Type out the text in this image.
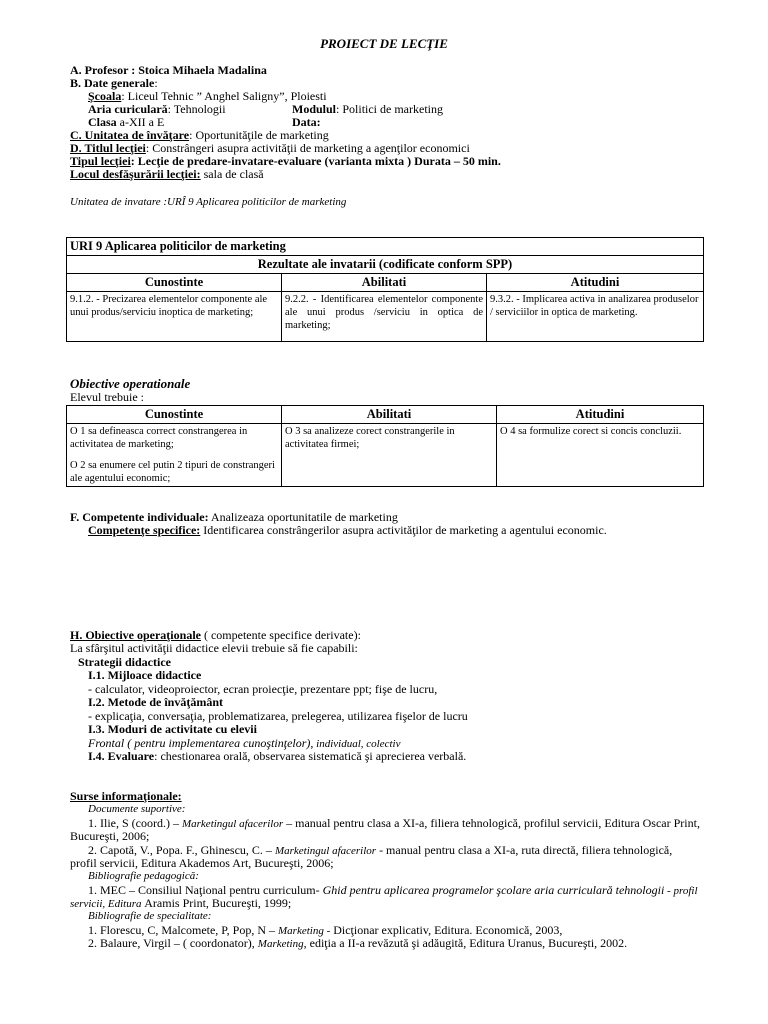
PROIECT DE LECŢIE
A. Profesor : Stoica Mihaela Madalina
B. Date generale:
Şcoala: Liceul Tehnic ” Anghel Saligny”, Ploiesti
Aria curiculară: Tehnologii	Modulul: Politici de marketing
Clasa a-XII a E	Data:
C. Unitatea de învăţare: Oportunităţile de marketing
D. Titlul lecţiei: Constrângeri asupra activităţii de marketing a agenţilor economici
Tipul lecţiei: Lecţie de predare-invatare-evaluare (varianta mixta ) Durata – 50 min.
Locul desfăşurării lecţiei: sala de clasă
Unitatea de invatare :URÎ 9 Aplicarea politicilor de marketing
URI 9 Aplicarea politicilor de marketing		
Rezultate ale invatarii (codificate conform SPP)		
Cunostinte	Abilitati	Atitudini
9.1.2. - Precizarea elementelor componente ale unui produs/serviciu inoptica de marketing;	9.2.2. - Identificarea elementelor componente ale unui produs /serviciu in optica de marketing;	9.3.2. - Implicarea activa in analizarea produselor / serviciilor in optica de marketing.
Obiective operationale
Elevul trebuie :
Cunostinte	Abilitati	Atitudini

O 1 sa defineasca correct constrangerea in activitatea de marketing;
O 2 sa enumere cel putin 2 tipuri de constrangeri ale agentului economic;	O 3 sa analizeze corect constrangerile in activitatea firmei;	O 4 sa formulize corect si concis concluzii.
F. Competente individuale: Analizeaza oportunitatile de marketing
Competenţe specifice: Identificarea constrângerilor asupra activităţilor de marketing a agentului economic.
H. Obiective operaţionale ( competente specifice derivate):
La sfârşitul activităţii didactice elevii trebuie să fie capabili:
Strategii didactice
I.1. Mijloace didactice
- calculator, videoproiector, ecran proiecţie, prezentare ppt; fişe de lucru,
I.2. Metode de învăţământ
- explicaţia, conversaţia, problematizarea, prelegerea, utilizarea fişelor de lucru
I.3. Moduri de activitate cu elevii
Frontal ( pentru implementarea cunoştinţelor), individual, colectiv
I.4. Evaluare: chestionarea orală, observarea sistematică şi aprecierea verbală.
Surse informaţionale:
Documente suportive:
1. Ilie, S (coord.) – Marketingul afacerilor – manual pentru clasa a XI-a, filiera tehnologică, profilul servicii, Editura Oscar Print,
Bucureşti, 2006;
2. Capotă, V., Popa. F., Ghinescu, C. – Marketingul afacerilor - manual pentru clasa a XI-a, ruta directă, filiera tehnologică,
profil servicii, Editura Akademos Art, Bucureşti, 2006;
Bibliografie pedagogică:
1. MEC – Consiliul Naţional pentru curriculum- Ghid pentru aplicarea programelor şcolare aria curriculară tehnologii - profil
servicii, Editura Aramis Print, Bucureşti, 1999;
Bibliografie de specialitate:
1. Florescu, C, Malcomete, P, Pop, N – Marketing - Dicţionar explicativ, Editura. Economică, 2003,
2. Balaure, Virgil – ( coordonator), Marketing, ediţia a II-a revăzută şi adăugită, Editura Uranus, Bucureşti, 2002.
